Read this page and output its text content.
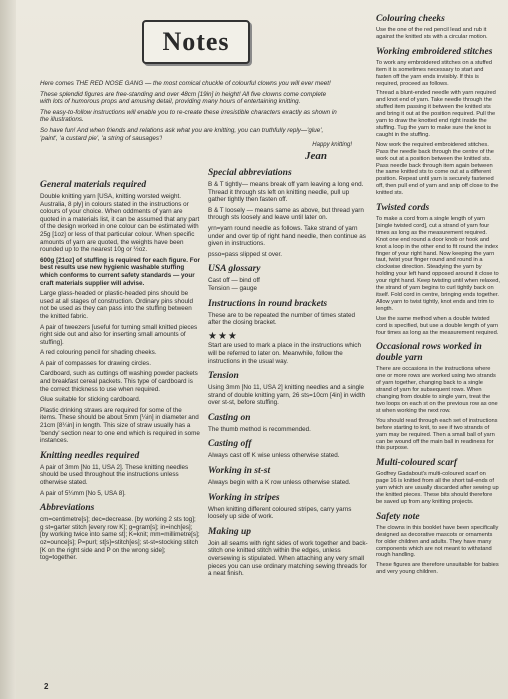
Notes

Here comes THE RED NOSE GANG — the most comical chuckle of colourful clowns you will ever meet!

These splendid figures are free-standing and over 48cm [19in] in height! All five clowns come complete with lots of humorous props and amusing detail, providing many hours of entertaining knitting.

The easy-to-follow instructions will enable you to re-create these irresistible characters exactly as shown in the illustrations.

So have fun! And when friends and relations ask what you are knitting, you can truthfully reply—'glue', 'paint', 'a custard pie', 'a string of sausages'!

Happy knitting!
Jean
General materials required

Double knitting yarn [USA, knitting worsted weight. Australia, 8 ply] in colours stated in the instructions or colours of your choice. When oddments of yarn are quoted in a materials list, it can be assumed that any part of the design worked in one colour can be estimated with 25g [1oz] or less of that particular colour. When specific amounts of yarn are quoted, the weights have been rounded up to the nearest 10g or ½oz.

600g [21oz] of stuffing is required for each figure. For best results use new hygienic washable stuffing which conforms to current safety standards — your craft materials supplier will advise.

Large glass-headed or plastic-headed pins should be used at all stages of construction. Ordinary pins should not be used as they can pass into the stuffing between the knitted fabric.

A pair of tweezers [useful for turning small knitted pieces right side out and also for inserting small amounts of stuffing].

A red colouring pencil for shading cheeks.

A pair of compasses for drawing circles.

Cardboard, such as cuttings off washing powder packets and breakfast cereal packets. This type of cardboard is the correct thickness to use when required.

Glue suitable for sticking cardboard.

Plastic drinking straws are required for some of the items. These should be about 5mm [¼in] in diameter and 21cm [8¼in] in length. This size of straw usually has a 'bendy' section near to one end which is required in some instances.

Knitting needles required

A pair of 3mm [No 11, USA 2]. These knitting needles should be used throughout the instructions unless otherwise stated.

A pair of 5¼mm [No 5, USA 8].

Abbreviations

cm=centimetre[s]; dec=decrease. [by working 2 sts tog]; g st=garter stitch [every row K]; g=gram[s]; in=inch[es]; [by working twice into same st]; K=knit; mm=millimetre[s]; oz=ounce[s]; P=purl; st[s]=stitch[es]; st-st=stocking stitch [K on the right side and P on the wrong side]; tog=together.

Special abbreviations

B & T tightly— means break off yarn leaving a long end. Thread it through sts left on knitting needle, pull up gather tightly then fasten off.

B & T loosely — means same as above, but thread yarn through sts loosely and leave until later on.

yrn=yarn round needle as follows. Take strand of yarn under and over tip of right hand needle, then continue as given in instructions.

psso=pass slipped st over.

USA glossary

Cast off — bind off

Tension — gauge

Instructions in round brackets

These are to be repeated the number of times stated after the closing bracket.

★★★

Start are used to mark a place in the instructions which will be referred to later on. Meanwhile, follow the instructions in the usual way.

Tension

Using 3mm [No 11, USA 2] knitting needles and a single strand of double knitting yarn, 26 sts=10cm [4in] in width over st-st, before stuffing.

Casting on

The thumb method is recommended.

Casting off

Always cast off K wise unless otherwise stated.

Working in st-st

Always begin with a K row unless otherwise stated.

Working in stripes

When knitting different coloured stripes, carry yarns loosely up side of work.

Making up

Join all seams with right sides of work together and back-stitch one knitted stitch within the edges, unless oversewing is stipulated. When attaching any very small pieces you can use ordinary matching sewing threads for a neat finish.

Colouring cheeks

Use the one of the red pencil lead and rub it against the knitted sts with a circular motion.

Working embroidered stitches

To work any embroidered stitches on a stuffed item it is sometimes necessary to start and fasten off the yarn ends invisibly. If this is required, proceed as follows.

Thread a blunt-ended needle with yarn required and knot end of yarn. Take needle through the stuffed item passing it between the knitted sts and bring it out at the position required. Pull the yarn to draw the knotted end right inside the stuffing. Tug the yarn to make sure the knot is caught in the stuffing.

Now work the required embroidered stitches. Pass the needle back through the centre of the work out at a position between the knitted sts. Pass needle back through item again between the same knitted sts to come out at a different position. Repeat until yarn is securely fastened off, then pull end of yarn and snip off close to the knitted sts.

Twisted cords

To make a cord from a single length of yarn [single twisted cord], cut a strand of yarn four times as long as the measurement required. Knot one end round a door knob or hook and knot a loop in the other end to fit round the index finger of your right hand. Now keeping the yarn taut, twist your finger round and round in a clockwise direction. Steadying the yarn by holding your left hand opposed around it close to your right hand. Keep twisting until when relaxed, the strand of yarn begins to curl tightly back on itself. Fold cord in centre, bringing ends together. Allow yarn to twist tightly, knot ends and trim to length.

Use the same method when a double twisted cord is specified, but use a double length of yarn four times as long as the measurement required.

Occasional rows worked in double yarn

There are occasions in the instructions where one or more rows are worked using two strands of yarn together, changing back to a single strand of yarn for subsequent rows. When changing from double to single yarn, treat the two loops on each st on the previous row as one st when working the next row.

You should read through each set of instructions before starting to knit, to see if two strands of yarn may be required. Then a small ball of yarn can be wound off the main ball in readiness for this purpose.

Multi-coloured scarf

Godfrey Gadabout's multi-coloured scarf on page 16 is knitted from all the short tail-ends of yarn which are usually discarded after sewing up the knitted pieces. These bits should therefore be saved up from any knitting projects.

Safety note

The clowns in this booklet have been specifically designed as decorative mascots or ornaments for older children and adults. They have many components which are not meant to withstand rough handling.

These figures are therefore unsuitable for babies and very young children.

2
